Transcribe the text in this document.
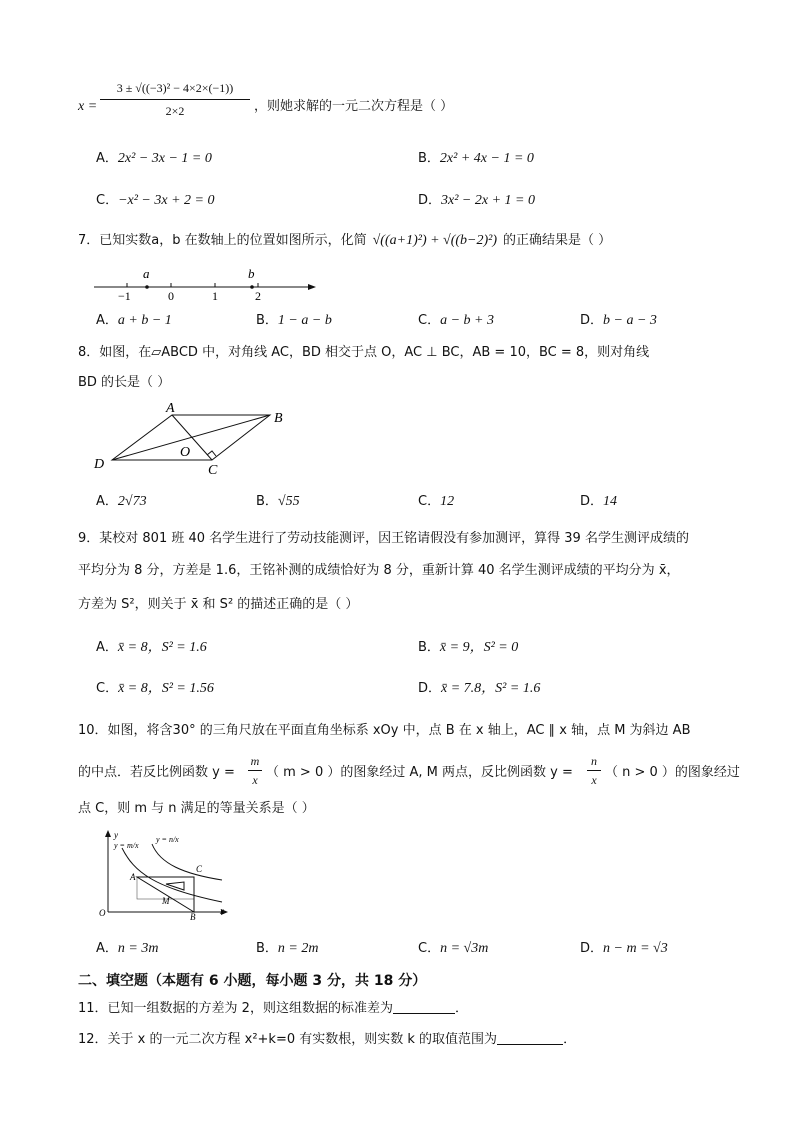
x =
3 ± √((−3)² − 4×2×(−1))
2×2	，则她求解的一元二次方程是（ ）
A．2x² − 3x − 1 = 0	B．2x² + 4x − 1 = 0
C．−x² − 3x + 2 = 0	D．3x² − 2x + 1 = 0
7．已知实数a，b 在数轴上的位置如图所示，化简 √((a+1)²) + √((b−2)²) 的正确结果是（ ）
a	b
−1	0	1	2
A．a + b − 1	B．1 − a − b	C．a − b + 3	D．b − a − 3
8．如图，在▱ABCD 中，对角线 AC，BD 相交于点 O，AC ⊥ BC，AB = 10，BC = 8，则对角线
BD 的长是（ ）
A
B
O
C
D
A．2√73	B．√55	C．12	D．14
9．某校对 801 班 40 名学生进行了劳动技能测评，因王铭请假没有参加测评，算得 39 名学生测评成绩的
平均分为 8 分，方差是 1.6，王铭补测的成绩恰好为 8 分，重新计算 40 名学生测评成绩的平均分为 x̄，
方差为 S²，则关于 x̄ 和 S² 的描述正确的是（ ）
A．x̄ = 8，S² = 1.6	B．x̄ = 9，S² = 0
C．x̄ = 8，S² = 1.56	D．x̄ = 7.8，S² = 1.6
10．如图，将含30° 的三角尺放在平面直角坐标系 xOy 中，点 B 在 x 轴上，AC ∥ x 轴，点 M 为斜边 AB
的中点．若反比例函数 y =
m
x （ m > 0 ）的图象经过 A, M 两点，反比例函数 y =
n
x （ n > 0 ）的图象经过
点 C，则 m 与 n 满足的等量关系是（ ）
y
x
O
A
M
B
C
y = m/x
y = n/x
A．n = 3m	B．n = 2m	C．n = √3m	D．n − m = √3
二、填空题（本题有 6 小题，每小题 3 分，共 18 分）
11．已知一组数据的方差为 2，则这组数据的标准差为	．
12．关于 x 的一元二次方程 x²+k=0 有实数根，则实数 k 的取值范围为	．
